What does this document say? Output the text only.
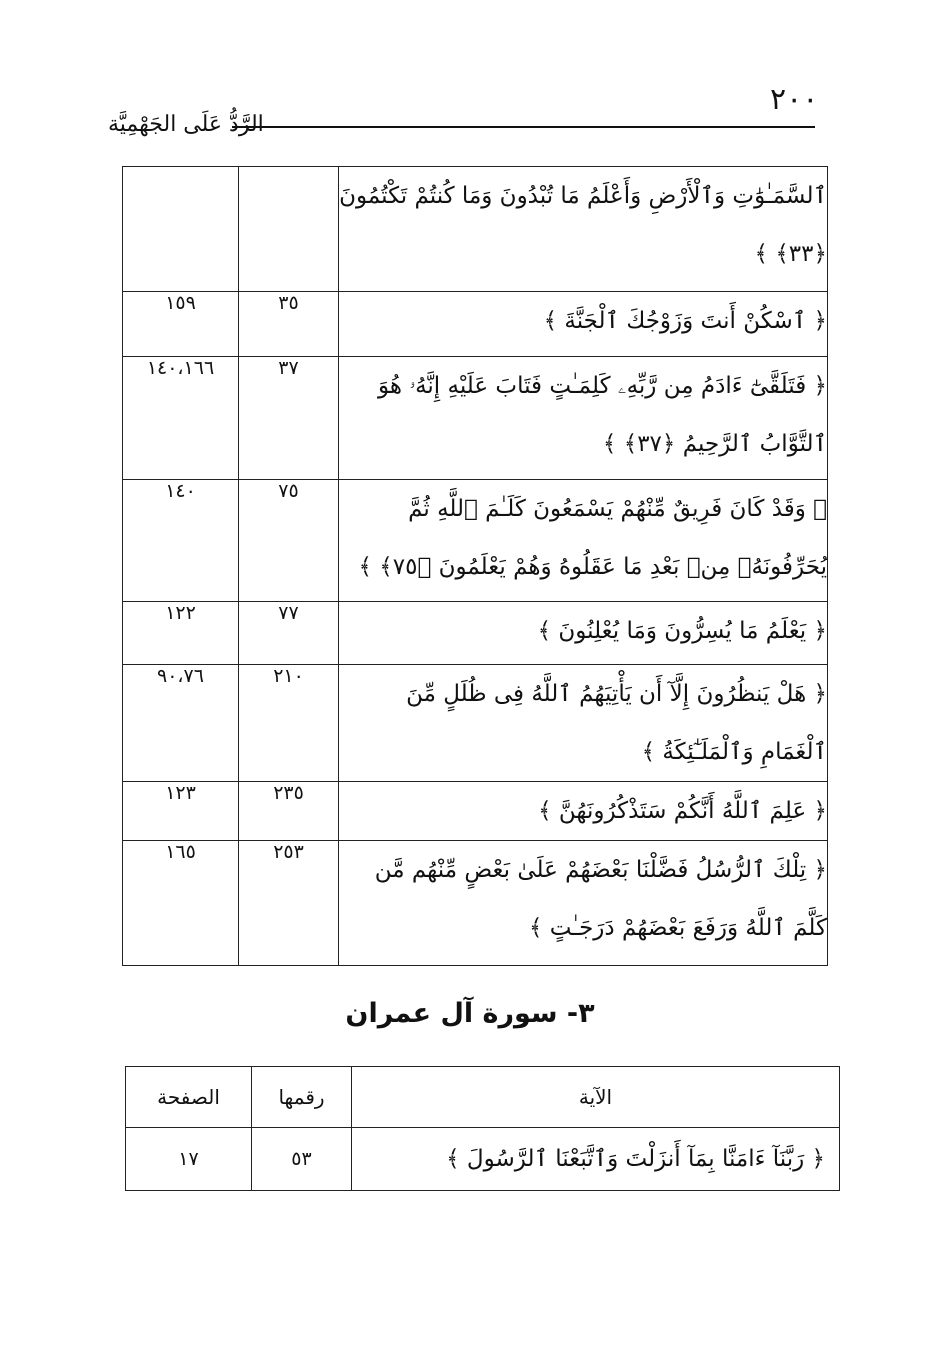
٢٠٠
الرَّدُّ عَلَى الجَهْمِيَّة
ٱلسَّمَـٰوَٰتِ وَٱلْأَرْضِ وَأَعْلَمُ مَا تُبْدُونَ وَمَا كُنتُمْ تَكْتُمُونَ ﴿٣٣﴾ ﴾		
﴿ ٱسْكُنْ أَنتَ وَزَوْجُكَ ٱلْجَنَّةَ ﴾	٣٥	١٥٩
﴿ فَتَلَقَّىٰٓ ءَادَمُ مِن رَّبِّهِۦ كَلِمَـٰتٍ فَتَابَ عَلَيْهِ إِنَّهُۥ هُوَ ٱلتَّوَّابُ ٱلرَّحِيمُ ﴿٣٧﴾ ﴾	٣٧	١٤٠،١٦٦
﴿ وَقَدْ كَانَ فَرِيقٌ مِّنْهُمْ يَسْمَعُونَ كَلَـٰمَ ٱللَّهِ ثُمَّ يُحَرِّفُونَهُۥ مِنۢ بَعْدِ مَا عَقَلُوهُ وَهُمْ يَعْلَمُونَ ﴿٧٥﴾ ﴾	٧٥	١٤٠
﴿ يَعْلَمُ مَا يُسِرُّونَ وَمَا يُعْلِنُونَ ﴾	٧٧	١٢٢
﴿ هَلْ يَنظُرُونَ إِلَّآ أَن يَأْتِيَهُمُ ٱللَّهُ فِى ظُلَلٍ مِّنَ ٱلْغَمَامِ وَٱلْمَلَـٰٓئِكَةُ ﴾	٢١٠	٩٠،٧٦
﴿ عَلِمَ ٱللَّهُ أَنَّكُمْ سَتَذْكُرُونَهُنَّ ﴾	٢٣٥	١٢٣
﴿ تِلْكَ ٱلرُّسُلُ فَضَّلْنَا بَعْضَهُمْ عَلَىٰ بَعْضٍ مِّنْهُم مَّن كَلَّمَ ٱللَّهُ وَرَفَعَ بَعْضَهُمْ دَرَجَـٰتٍ ﴾	٢٥٣	١٦٥
٣- سورة آل عمران
الآية	رقمها	الصفحة
﴿ رَبَّنَآ ءَامَنَّا بِمَآ أَنزَلْتَ وَٱتَّبَعْنَا ٱلرَّسُولَ ﴾	٥٣	١٧
